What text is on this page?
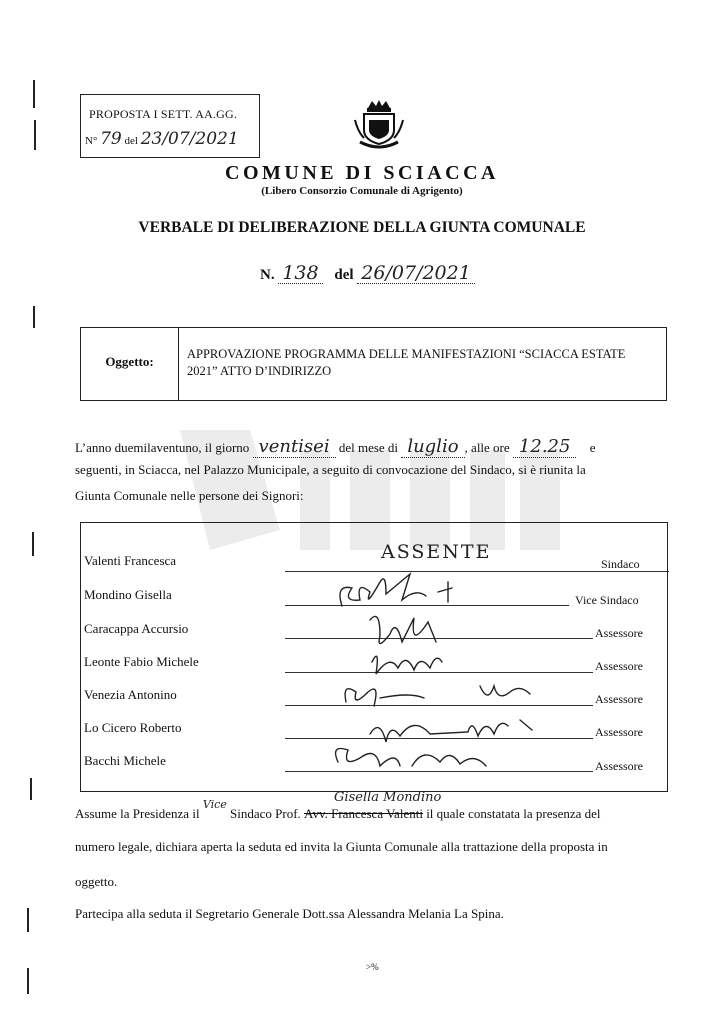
PROPOSTA I SETT. AA.GG.
N° 79 del 23/07/2021
COMUNE DI SCIACCA
(Libero Consorzio Comunale di Agrigento)
VERBALE DI DELIBERAZIONE DELLA GIUNTA COMUNALE
N. 138 del 26/07/2021
Oggetto:	APPROVAZIONE PROGRAMMA DELLE MANIFESTAZIONI “SCIACCA ESTATE 2021” ATTO D’INDIRIZZO
L’anno duemilaventuno, il giorno ventisei del mese di luglio , alle ore 12.25 e
seguenti, in Sciacca, nel Palazzo Municipale, a seguito di convocazione del Sindaco, si è riunita la
Giunta Comunale nelle persone dei Signori:
Valenti Francesca	Sindaco
ASSENTE
Mondino Gisella	Vice Sindaco
Caracappa Accursio	Assessore
Leonte Fabio Michele	Assessore
Venezia Antonino	Assessore
Lo Cicero Roberto	Assessore
Bacchi Michele	Assessore
Assume la Presidenza il $^{Vice}$ Sindaco Prof. Avv. Francesca Valenti
Gisella Mondino
il quale constatata la presenza del
numero legale, dichiara aperta la seduta ed invita la Giunta Comunale alla trattazione della proposta in
oggetto.
Partecipa alla seduta il Segretario Generale Dott.ssa Alessandra Melania La Spina.
>%
